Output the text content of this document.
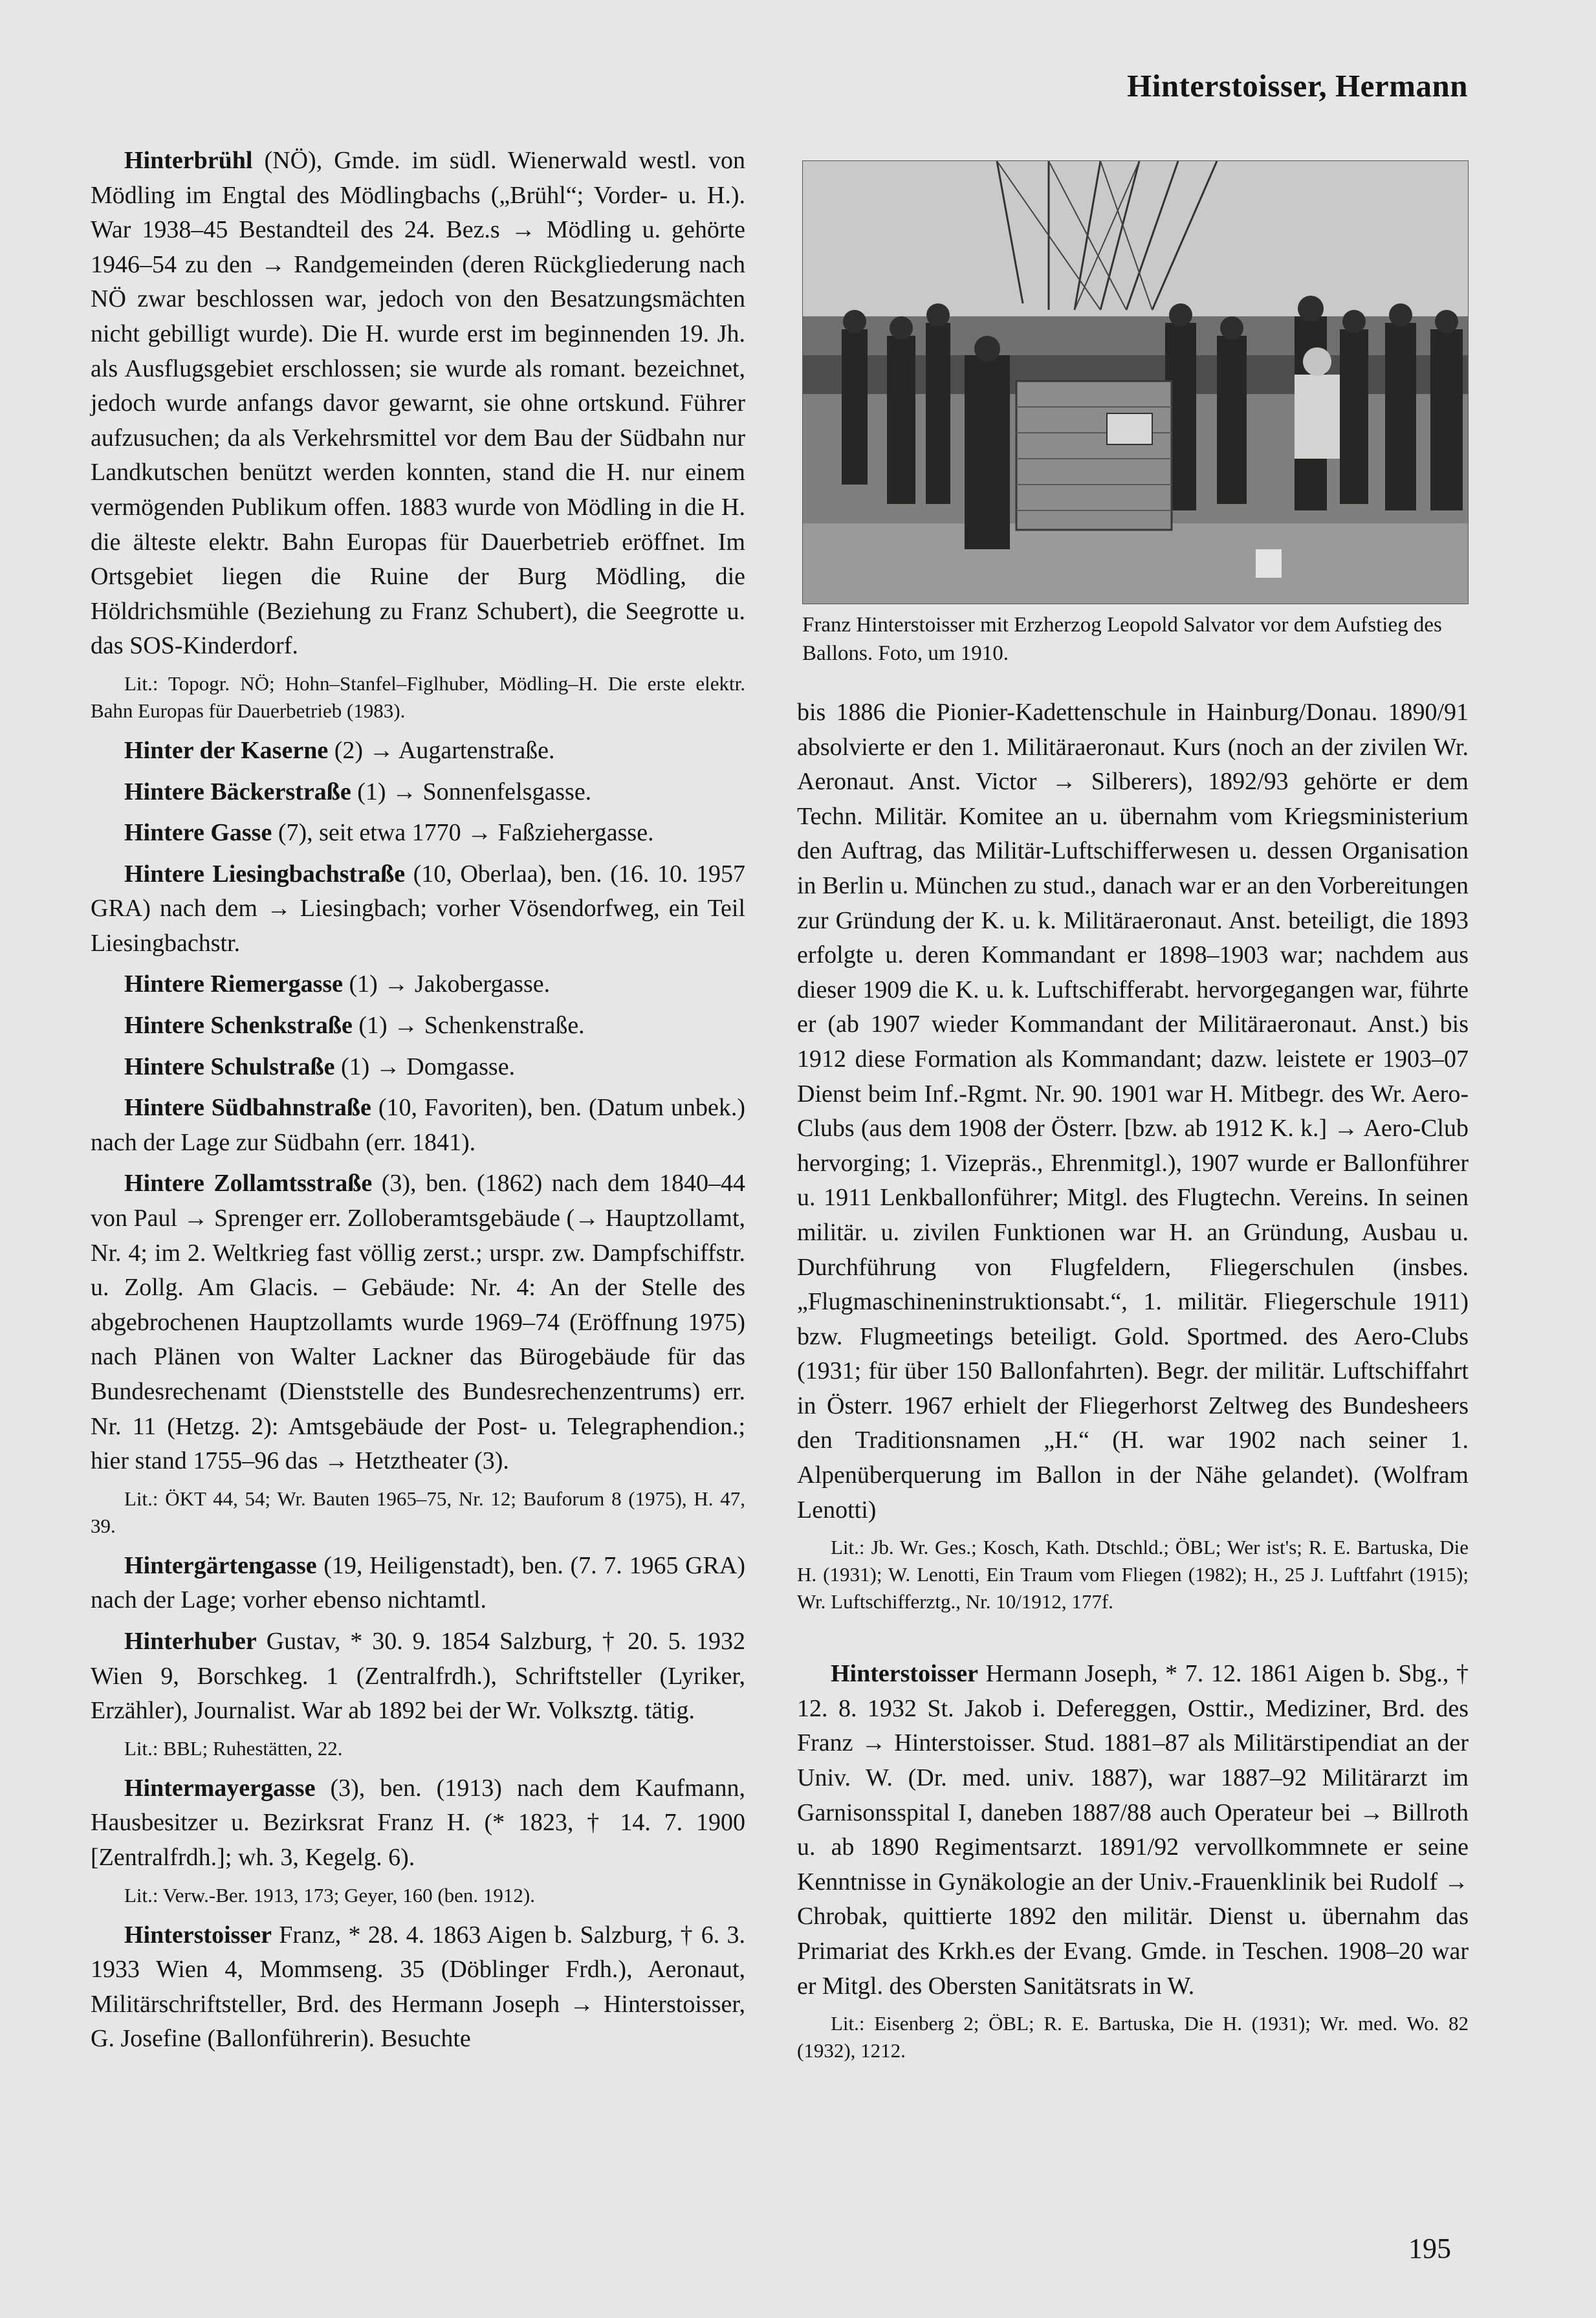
Hinterstoisser, Hermann

Hinterbrühl (NÖ), Gmde. im südl. Wienerwald westl. von Mödling im Engtal des Mödlingbachs („Brühl“; Vorder- u. H.). War 1938–45 Bestandteil des 24. Bez.s → Mödling u. gehörte 1946–54 zu den → Randgemeinden (deren Rückgliederung nach NÖ zwar beschlossen war, jedoch von den Besatzungsmächten nicht gebilligt wurde). Die H. wurde erst im beginnenden 19. Jh. als Ausflugsgebiet erschlossen; sie wurde als romant. bezeichnet, jedoch wurde anfangs davor gewarnt, sie ohne ortskund. Führer aufzusuchen; da als Verkehrsmittel vor dem Bau der Südbahn nur Landkutschen benützt werden konnten, stand die H. nur einem vermögenden Publikum offen. 1883 wurde von Mödling in die H. die älteste elektr. Bahn Europas für Dauerbetrieb eröffnet. Im Ortsgebiet liegen die Ruine der Burg Mödling, die Höldrichsmühle (Beziehung zu Franz Schubert), die Seegrotte u. das SOS-Kinderdorf.

Lit.: Topogr. NÖ; Hohn–Stanfel–Figlhuber, Mödling–H. Die erste elektr. Bahn Europas für Dauerbetrieb (1983).

Hinter der Kaserne (2) → Augartenstraße.

Hintere Bäckerstraße (1) → Sonnenfelsgasse.

Hintere Gasse (7), seit etwa 1770 → Faßziehergasse.

Hintere Liesingbachstraße (10, Oberlaa), ben. (16. 10. 1957 GRA) nach dem → Liesingbach; vorher Vösendorfweg, ein Teil Liesingbachstr.

Hintere Riemergasse (1) → Jakobergasse.

Hintere Schenkstraße (1) → Schenkenstraße.

Hintere Schulstraße (1) → Domgasse.

Hintere Südbahnstraße (10, Favoriten), ben. (Datum unbek.) nach der Lage zur Südbahn (err. 1841).

Hintere Zollamtsstraße (3), ben. (1862) nach dem 1840–44 von Paul → Sprenger err. Zolloberamtsgebäude (→ Hauptzollamt, Nr. 4; im 2. Weltkrieg fast völlig zerst.; urspr. zw. Dampfschiffstr. u. Zollg. Am Glacis. – Gebäude: Nr. 4: An der Stelle des abgebrochenen Hauptzollamts wurde 1969–74 (Eröffnung 1975) nach Plänen von Walter Lackner das Bürogebäude für das Bundesrechenamt (Dienststelle des Bundesrechenzentrums) err. Nr. 11 (Hetzg. 2): Amtsgebäude der Post- u. Telegraphendion.; hier stand 1755–96 das → Hetztheater (3).

Lit.: ÖKT 44, 54; Wr. Bauten 1965–75, Nr. 12; Bauforum 8 (1975), H. 47, 39.

Hintergärtengasse (19, Heiligenstadt), ben. (7. 7. 1965 GRA) nach der Lage; vorher ebenso nichtamtl.

Hinterhuber Gustav, * 30. 9. 1854 Salzburg, † 20. 5. 1932 Wien 9, Borschkeg. 1 (Zentralfrdh.), Schriftsteller (Lyriker, Erzähler), Journalist. War ab 1892 bei der Wr. Volksztg. tätig.

Lit.: BBL; Ruhestätten, 22.

Hintermayergasse (3), ben. (1913) nach dem Kaufmann, Hausbesitzer u. Bezirksrat Franz H. (* 1823, † 14. 7. 1900 [Zentralfrdh.]; wh. 3, Kegelg. 6).

Lit.: Verw.-Ber. 1913, 173; Geyer, 160 (ben. 1912).

Hinterstoisser Franz, * 28. 4. 1863 Aigen b. Salzburg, † 6. 3. 1933 Wien 4, Mommseng. 35 (Döblinger Frdh.), Aeronaut, Militärschriftsteller, Brd. des Hermann Joseph → Hinterstoisser, G. Josefine (Ballonführerin). Besuchte

Franz Hinterstoisser mit Erzherzog Leopold Salvator vor dem Aufstieg des Ballons. Foto, um 1910.

bis 1886 die Pionier-Kadettenschule in Hainburg/Donau. 1890/91 absolvierte er den 1. Militäraeronaut. Kurs (noch an der zivilen Wr. Aeronaut. Anst. Victor → Silberers), 1892/93 gehörte er dem Techn. Militär. Komitee an u. übernahm vom Kriegsministerium den Auftrag, das Militär-Luftschifferwesen u. dessen Organisation in Berlin u. München zu stud., danach war er an den Vorbereitungen zur Gründung der K. u. k. Militäraeronaut. Anst. beteiligt, die 1893 erfolgte u. deren Kommandant er 1898–1903 war; nachdem aus dieser 1909 die K. u. k. Luftschifferabt. hervorgegangen war, führte er (ab 1907 wieder Kommandant der Militäraeronaut. Anst.) bis 1912 diese Formation als Kommandant; dazw. leistete er 1903–07 Dienst beim Inf.-Rgmt. Nr. 90. 1901 war H. Mitbegr. des Wr. Aero-Clubs (aus dem 1908 der Österr. [bzw. ab 1912 K. k.] → Aero-Club hervorging; 1. Vizepräs., Ehrenmitgl.), 1907 wurde er Ballonführer u. 1911 Lenkballonführer; Mitgl. des Flugtechn. Vereins. In seinen militär. u. zivilen Funktionen war H. an Gründung, Ausbau u. Durchführung von Flugfeldern, Fliegerschulen (insbes. „Flugmaschineninstruktionsabt.“, 1. militär. Fliegerschule 1911) bzw. Flugmeetings beteiligt. Gold. Sportmed. des Aero-Clubs (1931; für über 150 Ballonfahrten). Begr. der militär. Luftschiffahrt in Österr. 1967 erhielt der Fliegerhorst Zeltweg des Bundesheers den Traditionsnamen „H.“ (H. war 1902 nach seiner 1. Alpenüberquerung im Ballon in der Nähe gelandet). (Wolfram Lenotti)

Lit.: Jb. Wr. Ges.; Kosch, Kath. Dtschld.; ÖBL; Wer ist's; R. E. Bartuska, Die H. (1931); W. Lenotti, Ein Traum vom Fliegen (1982); H., 25 J. Luftfahrt (1915); Wr. Luftschifferztg., Nr. 10/1912, 177f.

Hinterstoisser Hermann Joseph, * 7. 12. 1861 Aigen b. Sbg., † 12. 8. 1932 St. Jakob i. Defereggen, Osttir., Mediziner, Brd. des Franz → Hinterstoisser. Stud. 1881–87 als Militärstipendiat an der Univ. W. (Dr. med. univ. 1887), war 1887–92 Militärarzt im Garnisonsspital I, daneben 1887/88 auch Operateur bei → Billroth u. ab 1890 Regimentsarzt. 1891/92 vervollkommnete er seine Kenntnisse in Gynäkologie an der Univ.-Frauenklinik bei Rudolf → Chrobak, quittierte 1892 den militär. Dienst u. übernahm das Primariat des Krkh.es der Evang. Gmde. in Teschen. 1908–20 war er Mitgl. des Obersten Sanitätsrats in W.

Lit.: Eisenberg 2; ÖBL; R. E. Bartuska, Die H. (1931); Wr. med. Wo. 82 (1932), 1212.

195
